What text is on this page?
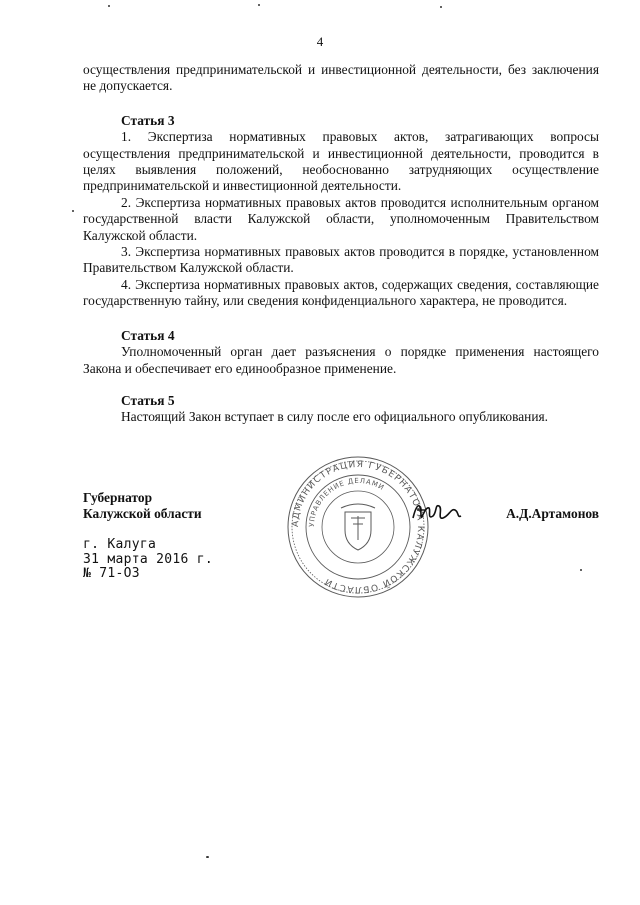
4

осуществления предпринимательской и инвестиционной деятельности, без заключения не допускается.

Статья 3

1. Экспертиза нормативных правовых актов, затрагивающих вопросы осуществления предпринимательской и инвестиционной деятельности, проводится в целях выявления положений, необоснованно затрудняющих осуществление предпринимательской и инвестиционной деятельности.

2. Экспертиза нормативных правовых актов проводится исполнительным органом государственной власти Калужской области, уполномоченным Правительством Калужской области.

3. Экспертиза нормативных правовых актов проводится в порядке, установленном Правительством Калужской области.

4. Экспертиза нормативных правовых актов, содержащих сведения, составляющие государственную тайну, или сведения конфиденциального характера, не проводится.

Статья 4

Уполномоченный орган дает разъяснения о порядке применения настоящего Закона и обеспечивает его единообразное применение.

Статья 5

Настоящий Закон вступает в силу после его официального опубликования.

Губернатор
Калужской области
АДМИНИСТРАЦИЯ ГУБЕРНАТОРА КАЛУЖСКОЙ ОБЛАСТИ
УПРАВЛЕНИЕ ДЕЛАМИ
А.Д.Артамонов
г. Калуга
31 марта 2016 г.
№ 71-ОЗ
